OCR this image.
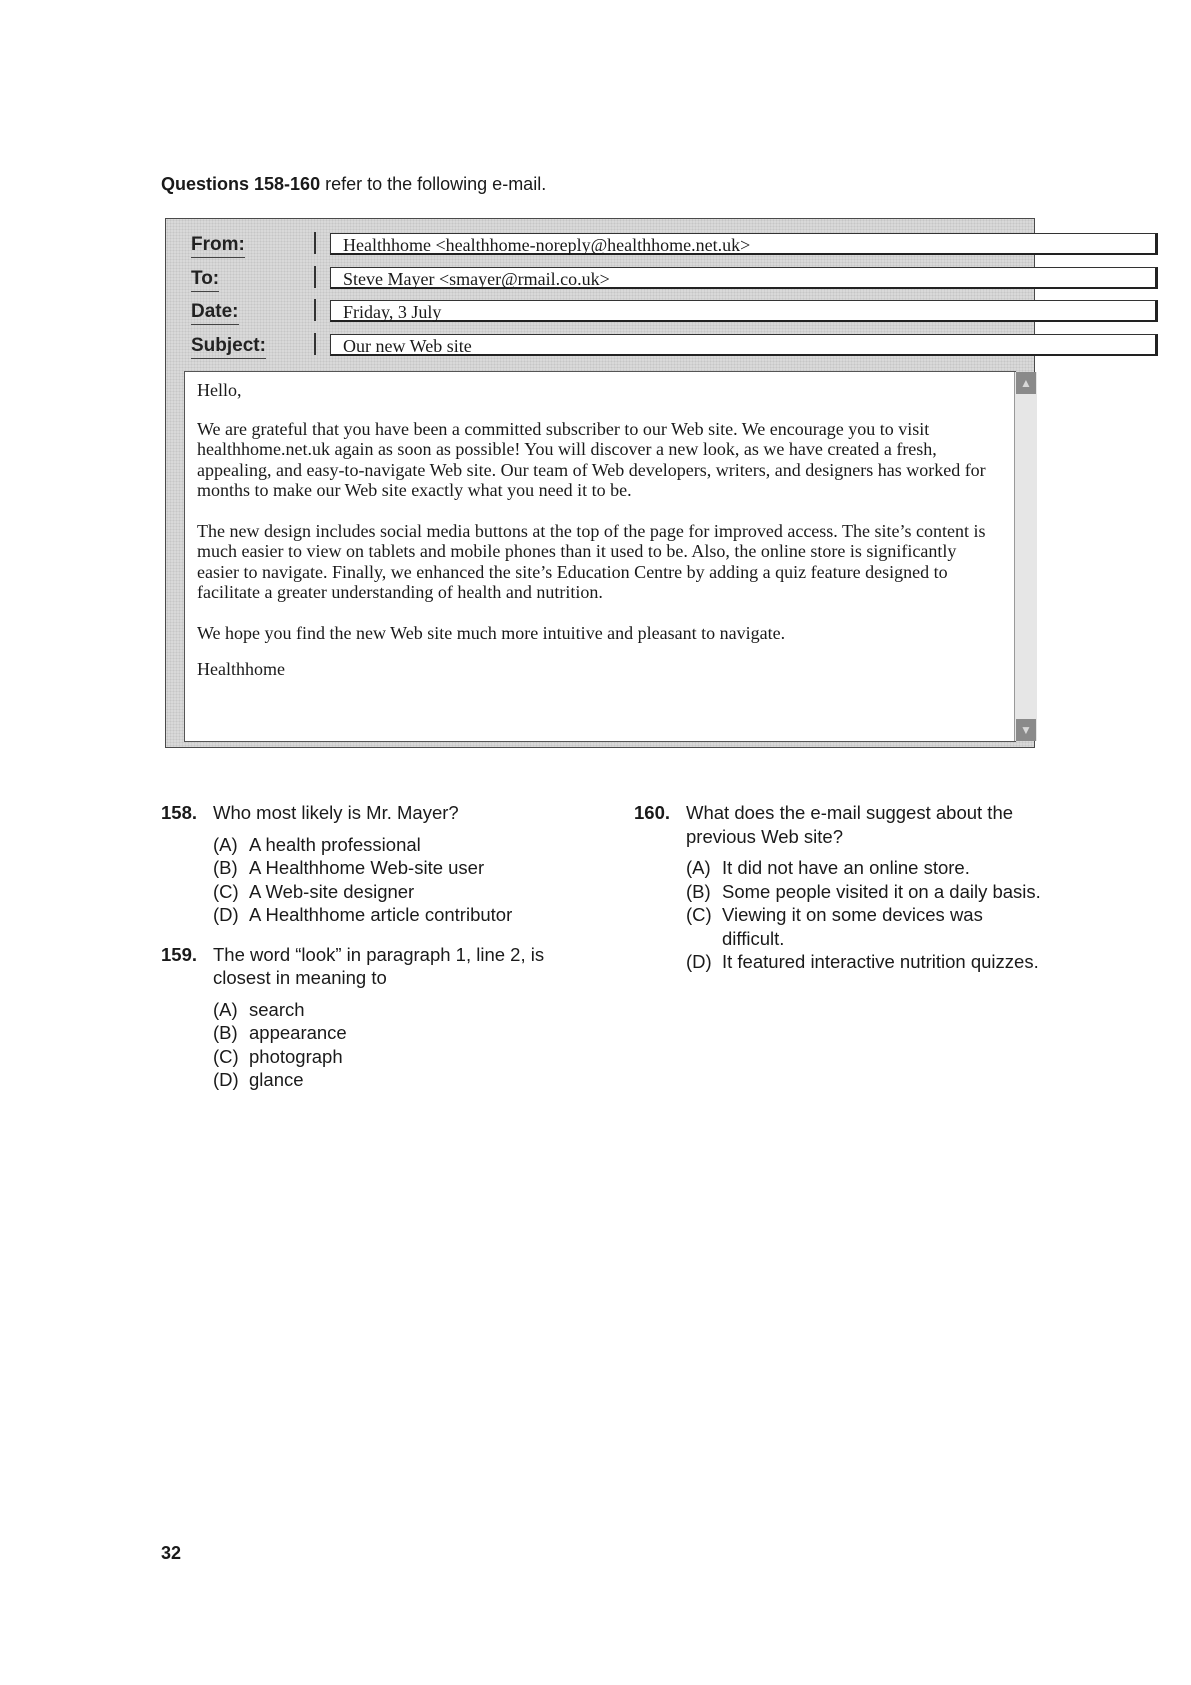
Questions 158-160 refer to the following e-mail.
From:	Healthhome <healthhome-noreply@healthhome.net.uk>
To:	Steve Mayer <smayer@rmail.co.uk>
Date:	Friday, 3 July
Subject:	Our new Web site

Hello,

We are grateful that you have been a committed subscriber to our Web site. We encourage you to visit healthhome.net.uk again as soon as possible! You will discover a new look, as we have created a fresh, appealing, and easy-to-navigate Web site. Our team of Web developers, writers, and designers has worked for months to make our Web site exactly what you need it to be.

The new design includes social media buttons at the top of the page for improved access. The site’s content is much easier to view on tablets and mobile phones than it used to be. Also, the online store is significantly easier to navigate. Finally, we enhanced the site’s Education Centre by adding a quiz feature designed to facilitate a greater understanding of health and nutrition.

We hope you find the new Web site much more intuitive and pleasant to navigate.

Healthhome

▲
▼
158. Who most likely is Mr. Mayer?
(A) A health professional
(B) A Healthhome Web-site user
(C) A Web-site designer
(D) A Healthhome article contributor
159. The word “look” in paragraph 1, line 2, is closest in meaning to
(A) search
(B) appearance
(C) photograph
(D) glance
160. What does the e-mail suggest about the previous Web site?
(A) It did not have an online store.
(B) Some people visited it on a daily basis.
(C) Viewing it on some devices was difficult.
(D) It featured interactive nutrition quizzes.
32
